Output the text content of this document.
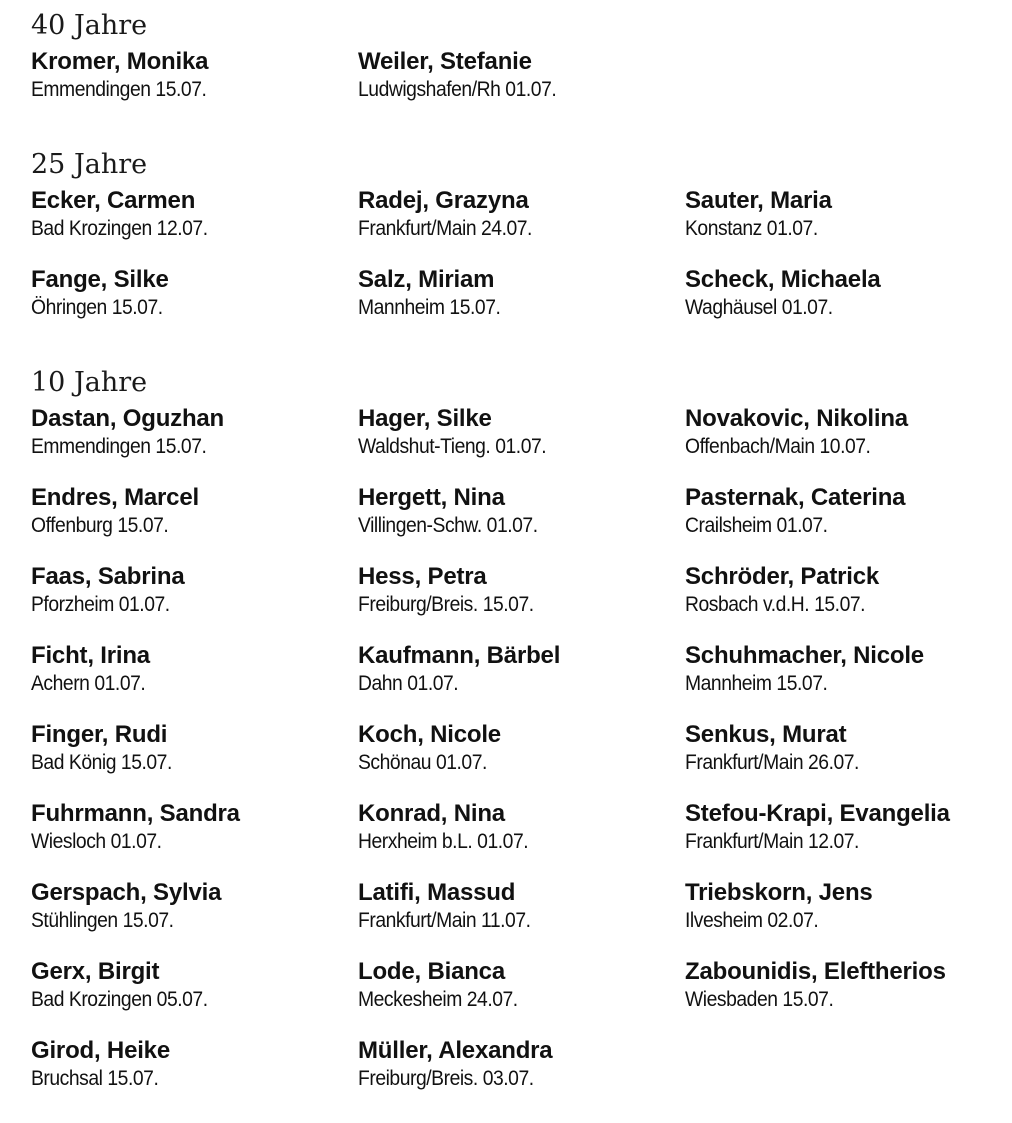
40 Jahre
Kromer, Monika
Emmendingen 15.07.
Weiler, Stefanie
Ludwigshafen/Rh 01.07.
25 Jahre
Ecker, Carmen
Bad Krozingen 12.07.
Fange, Silke
Öhringen 15.07.
Radej, Grazyna
Frankfurt/Main 24.07.
Salz, Miriam
Mannheim 15.07.
Sauter, Maria
Konstanz 01.07.
Scheck, Michaela
Waghäusel 01.07.
10 Jahre
Dastan, Oguzhan
Emmendingen 15.07.
Endres, Marcel
Offenburg 15.07.
Faas, Sabrina
Pforzheim 01.07.
Ficht, Irina
Achern 01.07.
Finger, Rudi
Bad König 15.07.
Fuhrmann, Sandra
Wiesloch 01.07.
Gerspach, Sylvia
Stühlingen 15.07.
Gerx, Birgit
Bad Krozingen 05.07.
Girod, Heike
Bruchsal 15.07.
Hager, Silke
Waldshut-Tieng. 01.07.
Hergett, Nina
Villingen-Schw. 01.07.
Hess, Petra
Freiburg/Breis. 15.07.
Kaufmann, Bärbel
Dahn 01.07.
Koch, Nicole
Schönau 01.07.
Konrad, Nina
Herxheim b.L. 01.07.
Latifi, Massud
Frankfurt/Main 11.07.
Lode, Bianca
Meckesheim 24.07.
Müller, Alexandra
Freiburg/Breis. 03.07.
Novakovic, Nikolina
Offenbach/Main 10.07.
Pasternak, Caterina
Crailsheim 01.07.
Schröder, Patrick
Rosbach v.d.H. 15.07.
Schuhmacher, Nicole
Mannheim 15.07.
Senkus, Murat
Frankfurt/Main 26.07.
Stefou-Krapi, Evangelia
Frankfurt/Main 12.07.
Triebskorn, Jens
Ilvesheim 02.07.
Zabounidis, Eleftherios
Wiesbaden 15.07.
